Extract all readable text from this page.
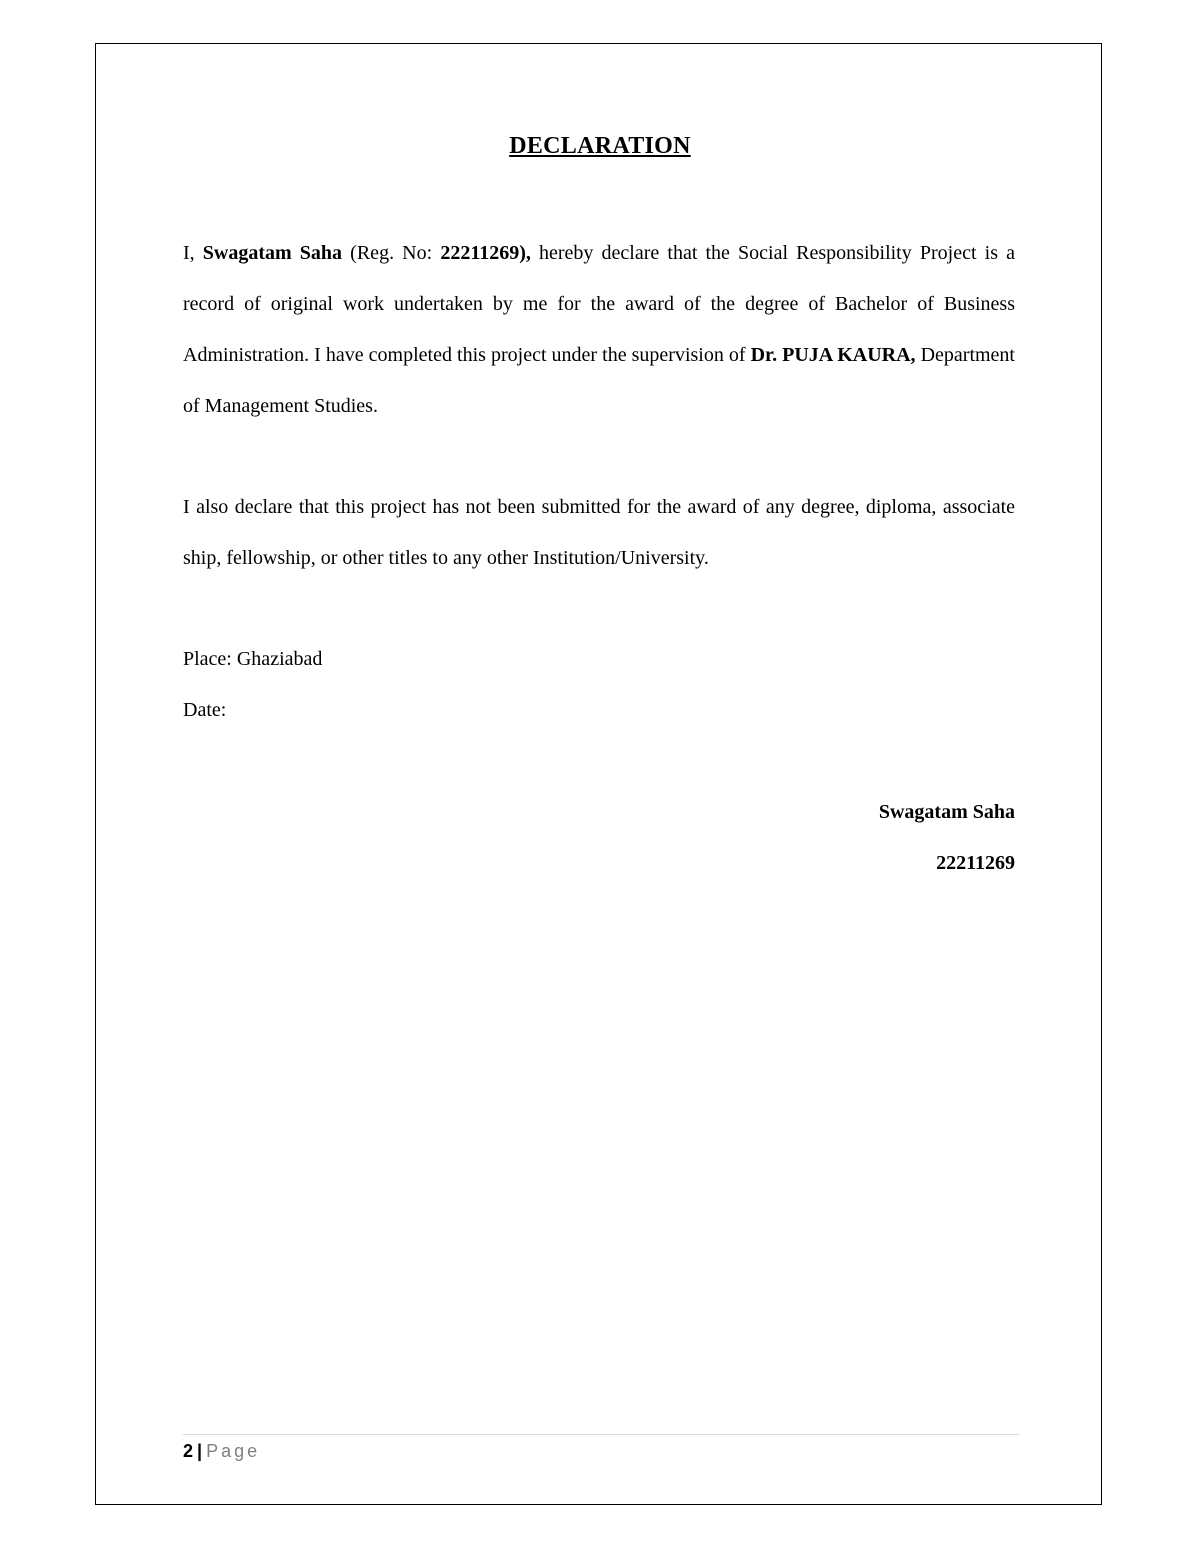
DECLARATION
I, Swagatam Saha (Reg. No: 22211269), hereby declare that the Social Responsibility Project is a record of original work undertaken by me for the award of the degree of Bachelor of Business Administration. I have completed this project under the supervision of Dr. PUJA KAURA, Department of Management Studies.
I also declare that this project has not been submitted for the award of any degree, diploma, associate ship, fellowship, or other titles to any other Institution/University.
Place: Ghaziabad
Date:
Swagatam Saha
22211269
2 | Page
